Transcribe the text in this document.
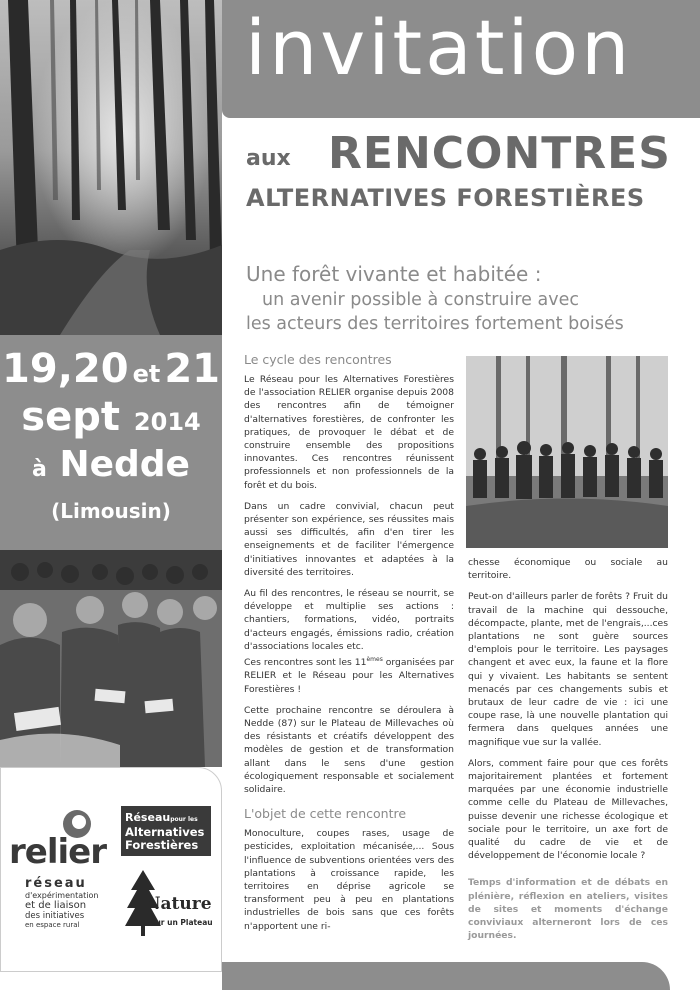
19,20 et 21
sept 2014
à Nedde
(Limousin)
relier
réseau
d'expérimentation
et de liaison
des initiatives
en espace rural
Réseaupour les
Alternatives
Forestières
Nature
sur un Plateau
invitation
aux RENCONTRES
ALTERNATIVES FORESTIÈRES
Une forêt vivante et habitée :
un avenir possible à construire avec
les acteurs des territoires fortement boisés
Le cycle des rencontres

Le Réseau pour les Alternatives Forestières de l'association RELIER organise depuis 2008 des rencontres afin de témoigner d'alternatives forestières, de confronter les pratiques, de provoquer le débat et de construire ensemble des propositions innovantes. Ces rencontres réunissent professionnels et non professionnels de la forêt et du bois.

Dans un cadre convivial, chacun peut présenter son expérience, ses réussites mais aussi ses difficultés, afin d'en tirer les enseignements et de faciliter l'émergence d'initiatives innovantes et adaptées à la diversité des territoires.

Au fil des rencontres, le réseau se nourrit, se développe et multiplie ses actions : chantiers, formations, vidéo, portraits d'acteurs engagés, émissions radio, création d'associations locales etc.

Ces rencontres sont les 11èmes organisées par RELIER et le Réseau pour les Alternatives Forestières !

Cette prochaine rencontre se déroulera à Nedde (87) sur le Plateau de Millevaches où des résistants et créatifs développent des modèles de gestion et de transformation allant dans le sens d'une gestion écologiquement responsable et socialement solidaire.

L'objet de cette rencontre

Monoculture, coupes rases, usage de pesticides, exploitation mécanisée,... Sous l'influence de subventions orientées vers des plantations à croissance rapide, les territoires en déprise agricole se transforment peu à peu en plantations industrielles de bois sans que ces forêts n'apportent une ri-

chesse économique ou sociale au territoire.

Peut-on d'ailleurs parler de forêts ? Fruit du travail de la machine qui dessouche, décompacte, plante, met de l'engrais,...ces plantations ne sont guère sources d'emplois pour le territoire. Les paysages changent et avec eux, la faune et la flore qui y vivaient. Les habitants se sentent menacés par ces changements subis et brutaux de leur cadre de vie : ici une coupe rase, là une nouvelle plantation qui fermera dans quelques années une magnifique vue sur la vallée.

Alors, comment faire pour que ces forêts majoritairement plantées et fortement marquées par une économie industrielle comme celle du Plateau de Millevaches, puisse devenir une richesse écologique et sociale pour le territoire, un axe fort de qualité du cadre de vie et de développement de l'économie locale ?

Temps d'information et de débats en plénière, réflexion en ateliers, visites de sites et moments d'échange conviviaux alterneront lors de ces journées.
